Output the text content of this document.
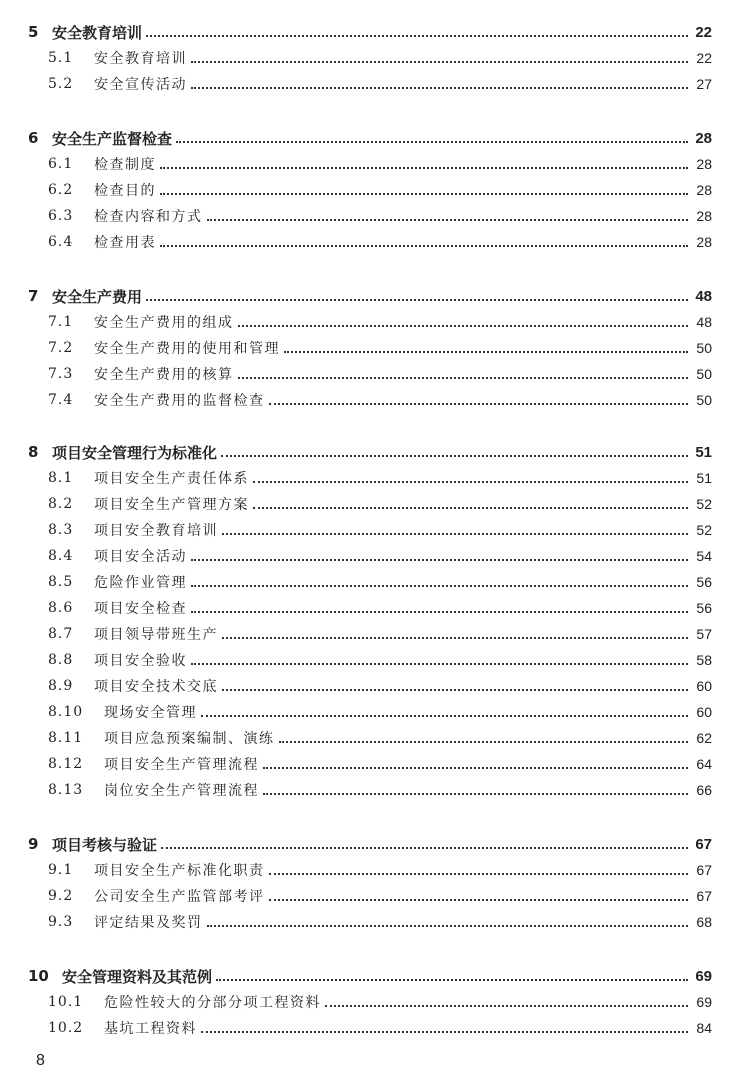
5 安全教育培训	22
5.1	安全教育培训	22
5.2	安全宣传活动	27
6 安全生产监督检查	28
6.1	检查制度	28
6.2	检查目的	28
6.3	检查内容和方式	28
6.4	检查用表	28
7 安全生产费用	48
7.1	安全生产费用的组成	48
7.2	安全生产费用的使用和管理	50
7.3	安全生产费用的核算	50
7.4	安全生产费用的监督检查	50
8 项目安全管理行为标准化	51
8.1	项目安全生产责任体系	51
8.2	项目安全生产管理方案	52
8.3	项目安全教育培训	52
8.4	项目安全活动	54
8.5	危险作业管理	56
8.6	项目安全检查	56
8.7	项目领导带班生产	57
8.8	项目安全验收	58
8.9	项目安全技术交底	60
8.10	现场安全管理	60
8.11	项目应急预案编制、演练	62
8.12	项目安全生产管理流程	64
8.13	岗位安全生产管理流程	66
9 项目考核与验证	67
9.1	项目安全生产标准化职责	67
9.2	公司安全生产监管部考评	67
9.3	评定结果及奖罚	68
10 安全管理资料及其范例	69
10.1	危险性较大的分部分项工程资料	69
10.2	基坑工程资料	84
8
